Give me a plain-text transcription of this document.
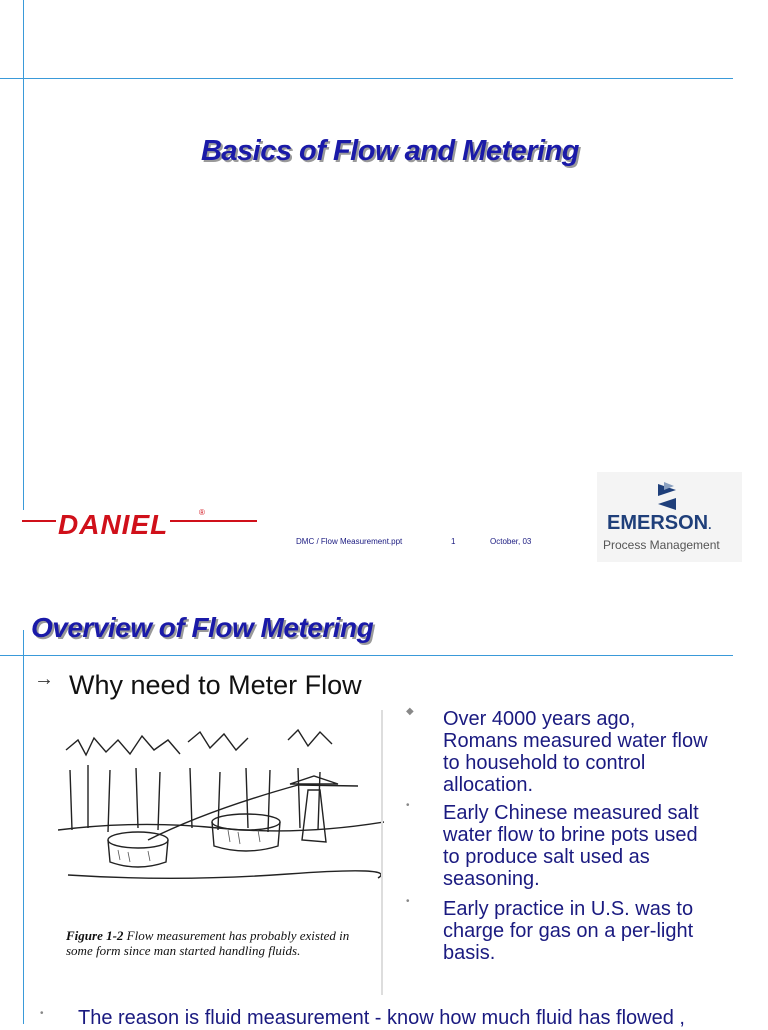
Basics of Flow and Metering
DANIEL	®
DMC / Flow Measurement.ppt	1	October, 03
EMERSON.
Process Management
Overview of Flow Metering
→ Why need to Meter Flow
Figure 1-2 Flow measurement has probably existed in some form since man started handling fluids.
◆ Over 4000 years ago, Romans measured water flow to household to control allocation.
• Early Chinese measured salt water flow to brine pots used to produce salt used as seasoning.
• Early practice in U.S. was to charge for gas on a per-light basis.
• The reason is fluid measurement - know how much fluid has flowed ,
